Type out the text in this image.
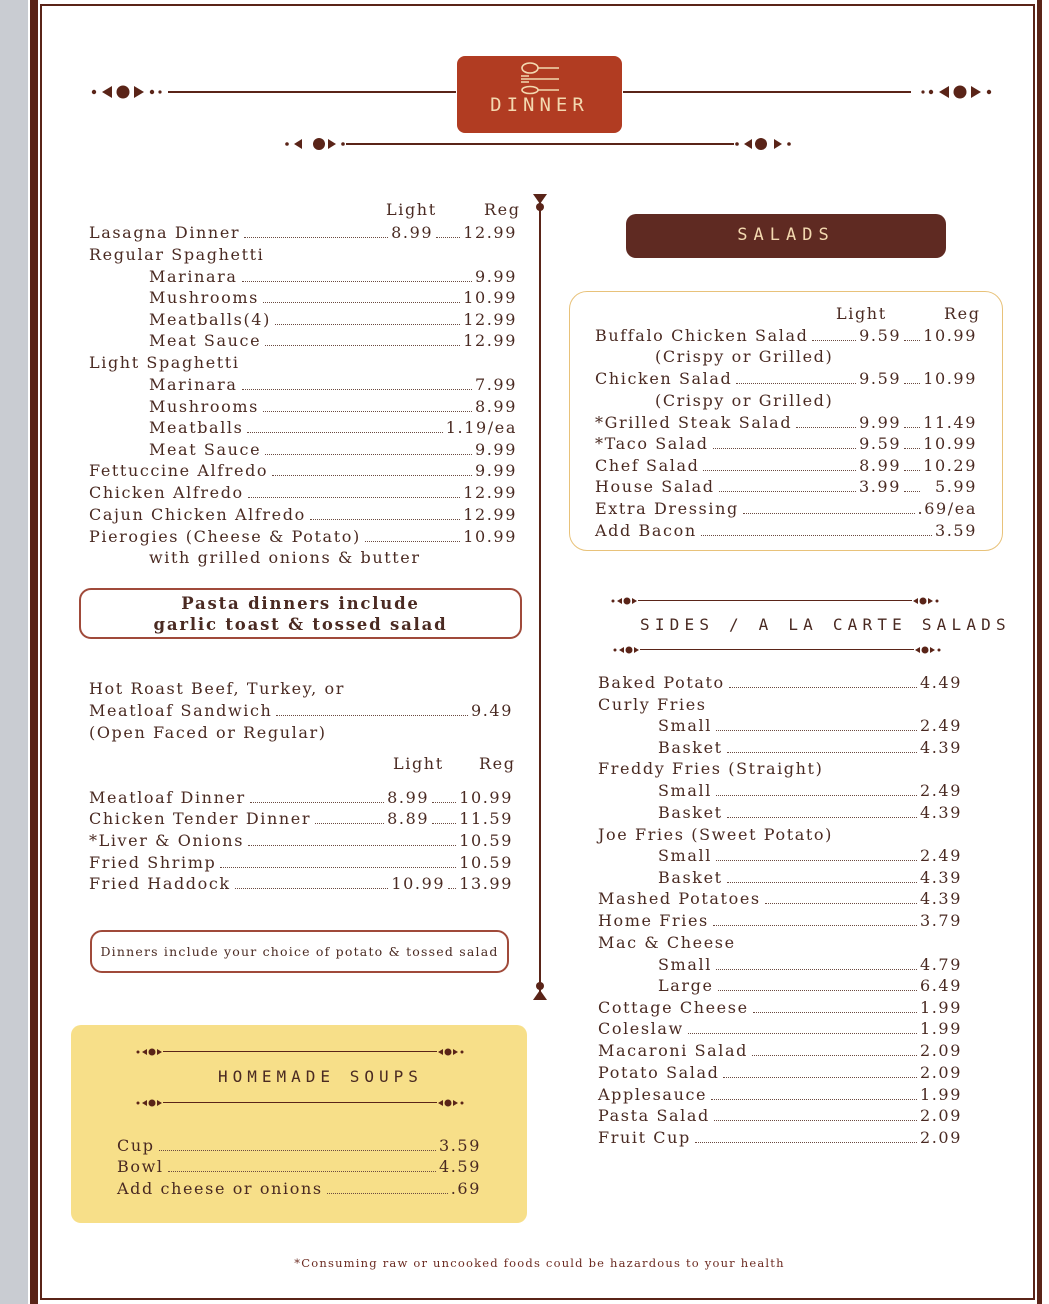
DINNER
Light	Reg
Lasagna Dinner	8.99 12.99
Regular Spaghetti
Marinara	9.99
Mushrooms	10.99
Meatballs(4)	12.99
Meat Sauce	12.99
Light Spaghetti
Marinara	7.99
Mushrooms	8.99
Meatballs	1.19/ea
Meat Sauce	9.99
Fettuccine Alfredo	9.99
Chicken Alfredo	12.99
Cajun Chicken Alfredo	12.99
Pierogies (Cheese & Potato)	10.99
with grilled onions & butter
Pasta dinners include
garlic toast & tossed salad
Hot Roast Beef, Turkey, or
Meatloaf Sandwich	9.49
(Open Faced or Regular)
Light Reg
Meatloaf Dinner	8.99 10.99
Chicken Tender Dinner	8.89 11.59
*Liver & Onions	10.59
Fried Shrimp	10.59
Fried Haddock	10.99 13.99
Dinners include your choice of potato & tossed salad
HOMEMADE SOUPS
Cup	3.59
Bowl	4.59
Add cheese or onions	.69
SALADS
Light	Reg
Buffalo Chicken Salad	9.59 10.99
(Crispy or Grilled)
Chicken Salad	9.59 10.99
(Crispy or Grilled)
*Grilled Steak Salad	9.99 11.49
*Taco Salad	9.59 10.99
Chef Salad	8.99 10.29
House Salad	3.99	5.99
Extra Dressing	.69/ea
Add Bacon	3.59
SIDES / A LA CARTE SALADS
Baked Potato	4.49
Curly Fries
Small	2.49
Basket	4.39
Freddy Fries (Straight)
Small	2.49
Basket	4.39
Joe Fries (Sweet Potato)
Small	2.49
Basket	4.39
Mashed Potatoes	4.39
Home Fries	3.79
Mac & Cheese
Small	4.79
Large	6.49
Cottage Cheese	1.99
Coleslaw	1.99
Macaroni Salad	2.09
Potato Salad	2.09
Applesauce	1.99
Pasta Salad	2.09
Fruit Cup	2.09
*Consuming raw or uncooked foods could be hazardous to your health
